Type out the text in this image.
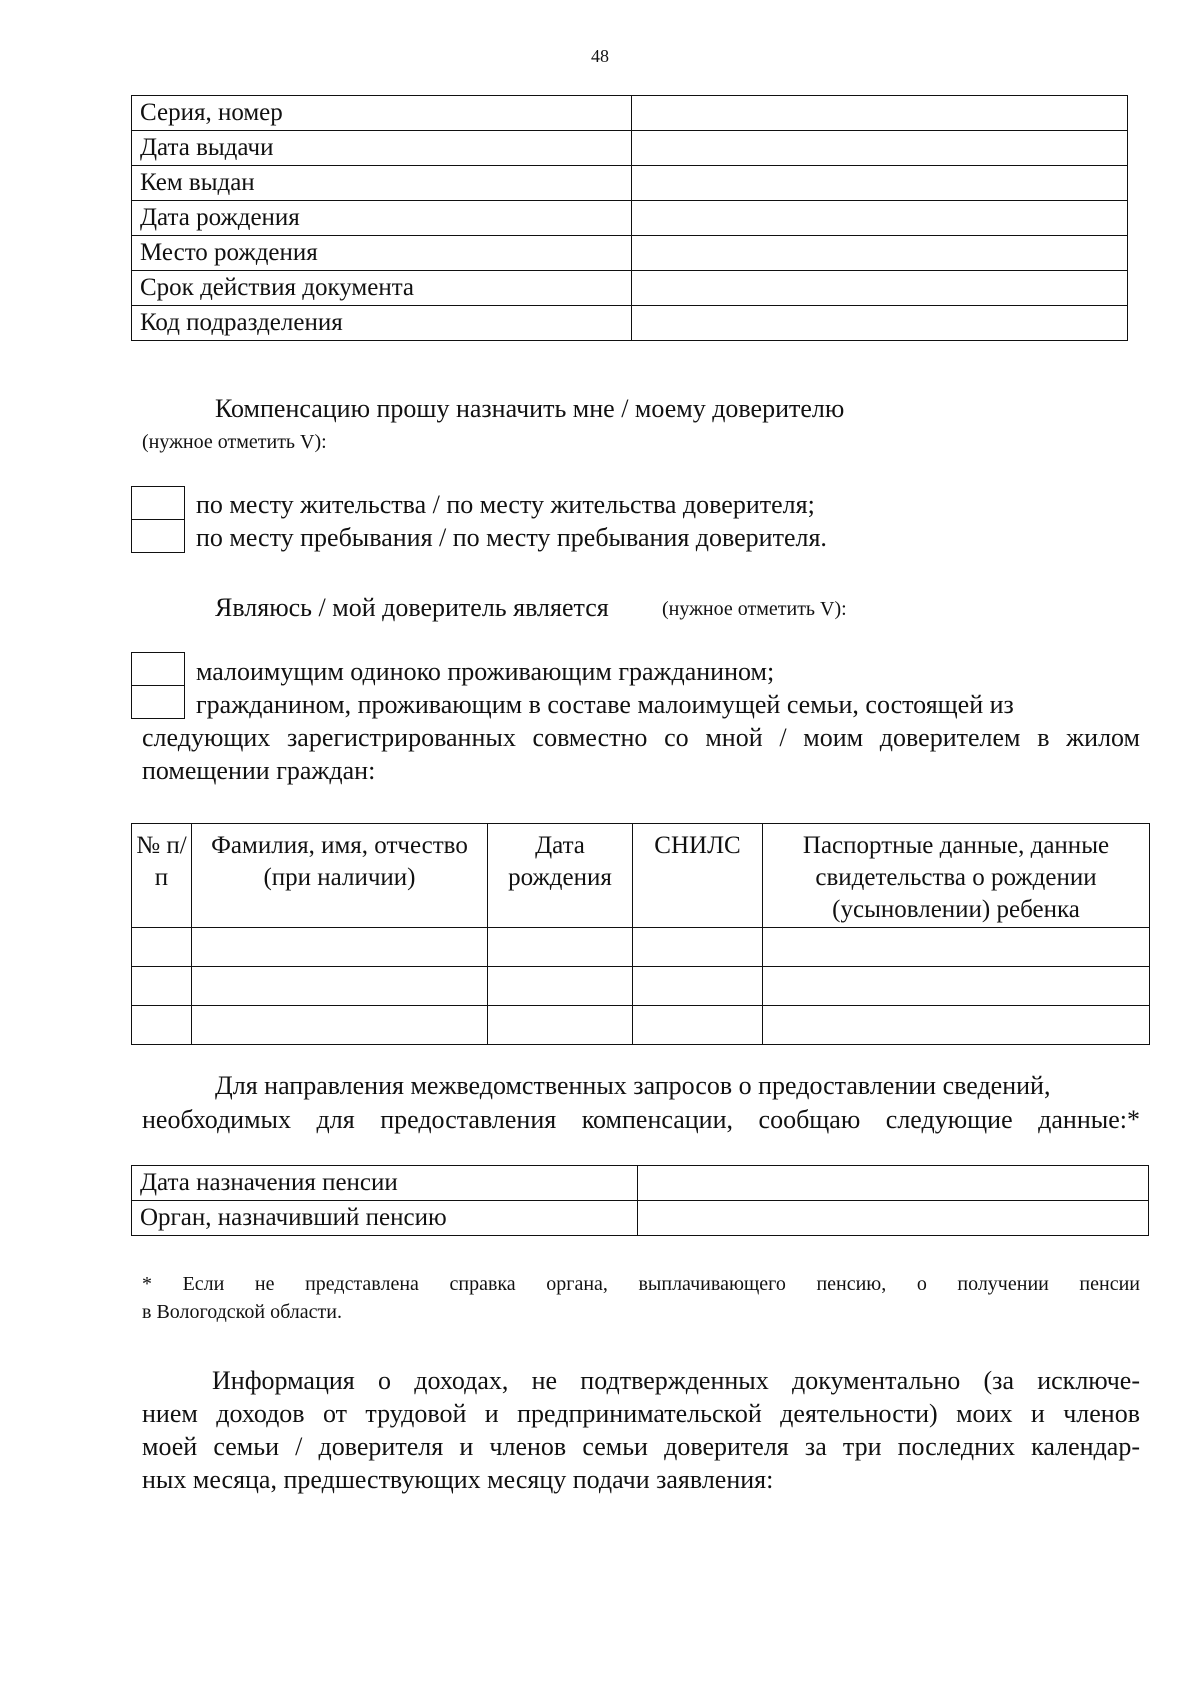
48
Серия, номер	
Дата выдачи	
Кем выдан	
Дата рождения	
Место рождения	
Срок действия документа	
Код подразделения	
Компенсацию прошу назначить мне / моему доверителю
(нужное отметить V):
по месту жительства / по месту жительства доверителя;
по месту пребывания / по месту пребывания доверителя.
Являюсь / мой доверитель является	(нужное отметить V):
малоимущим одиноко проживающим гражданином;
гражданином, проживающим в составе малоимущей семьи, состоящей из
следующих зарегистрированных совместно со мной / моим доверителем в жилом
помещении граждан:
№ п/п	Фамилия, имя, отчество (при наличии)	Дата рождения	СНИЛС	Паспортные данные, данные свидетельства о рождении (усыновлении) ребенка

Для направления межведомственных запросов о предоставлении сведений,
необходимых для предоставления компенсации, сообщаю следующие данные:*
Дата назначения пенсии	
Орган, назначивший пенсию	
* Если не представлена справка органа, выплачивающего пенсию, о получении пенсии
в Вологодской области.
Информация о доходах, не подтвержденных документально (за исключе-
нием доходов от трудовой и предпринимательской деятельности) моих и членов
моей семьи / доверителя и членов семьи доверителя за три последних календар-
ных месяца, предшествующих месяцу подачи заявления:
